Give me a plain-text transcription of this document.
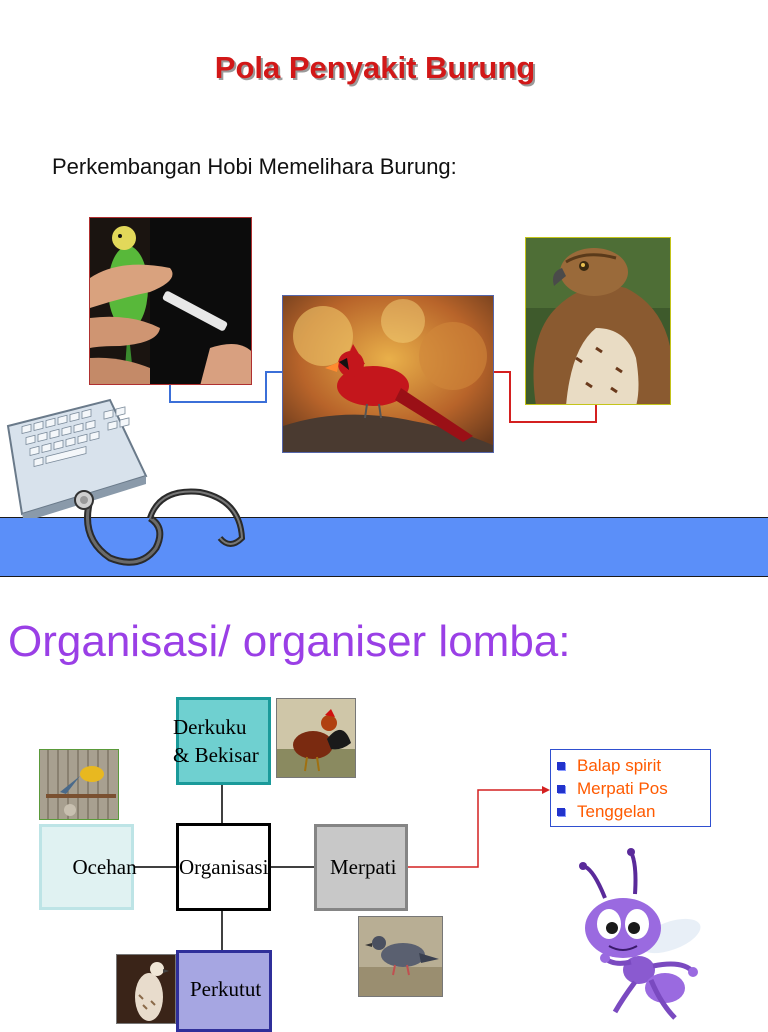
Pola Penyakit Burung
Perkembangan Hobi Memelihara Burung:
Organisasi/ organiser lomba:
Derkuku & Bekisar
Ocehan Organisasi	Merpati
Perkutut
Balap spirit
Merpati Pos
Tenggelan
